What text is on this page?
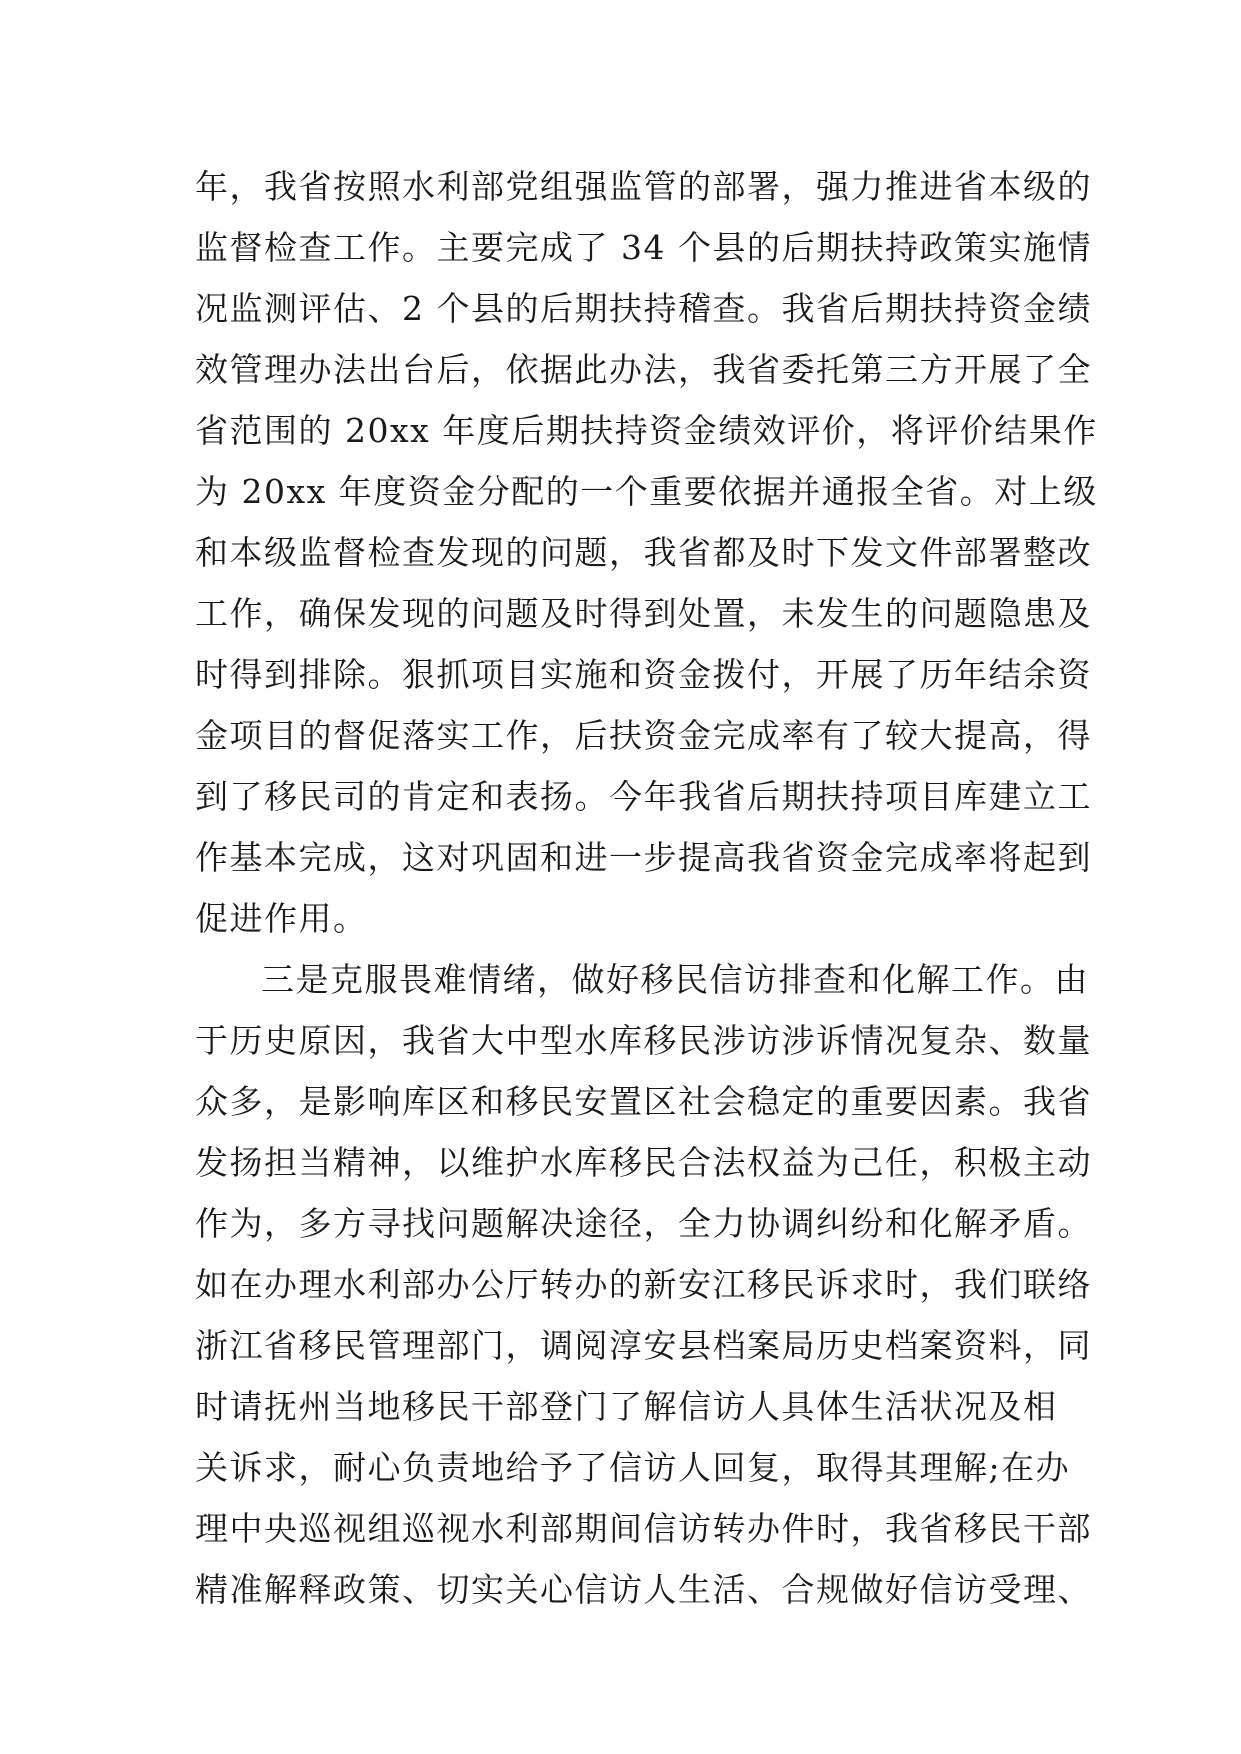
年，我省按照水利部党组强监管的部署，强力推进省本级的
监督检查工作。主要完成了 34 个县的后期扶持政策实施情
况监测评估、2 个县的后期扶持稽查。我省后期扶持资金绩
效管理办法出台后，依据此办法，我省委托第三方开展了全
省范围的 20xx 年度后期扶持资金绩效评价，将评价结果作
为 20xx 年度资金分配的一个重要依据并通报全省。对上级
和本级监督检查发现的问题，我省都及时下发文件部署整改
工作，确保发现的问题及时得到处置，未发生的问题隐患及
时得到排除。狠抓项目实施和资金拨付，开展了历年结余资
金项目的督促落实工作，后扶资金完成率有了较大提高，得
到了移民司的肯定和表扬。今年我省后期扶持项目库建立工
作基本完成，这对巩固和进一步提高我省资金完成率将起到
促进作用。
三是克服畏难情绪，做好移民信访排查和化解工作。由
于历史原因，我省大中型水库移民涉访涉诉情况复杂、数量
众多，是影响库区和移民安置区社会稳定的重要因素。我省
发扬担当精神，以维护水库移民合法权益为己任，积极主动
作为，多方寻找问题解决途径，全力协调纠纷和化解矛盾。
如在办理水利部办公厅转办的新安江移民诉求时，我们联络
浙江省移民管理部门，调阅淳安县档案局历史档案资料，同
时请抚州当地移民干部登门了解信访人具体生活状况及相
关诉求，耐心负责地给予了信访人回复，取得其理解;在办
理中央巡视组巡视水利部期间信访转办件时，我省移民干部
精准解释政策、切实关心信访人生活、合规做好信访受理、
